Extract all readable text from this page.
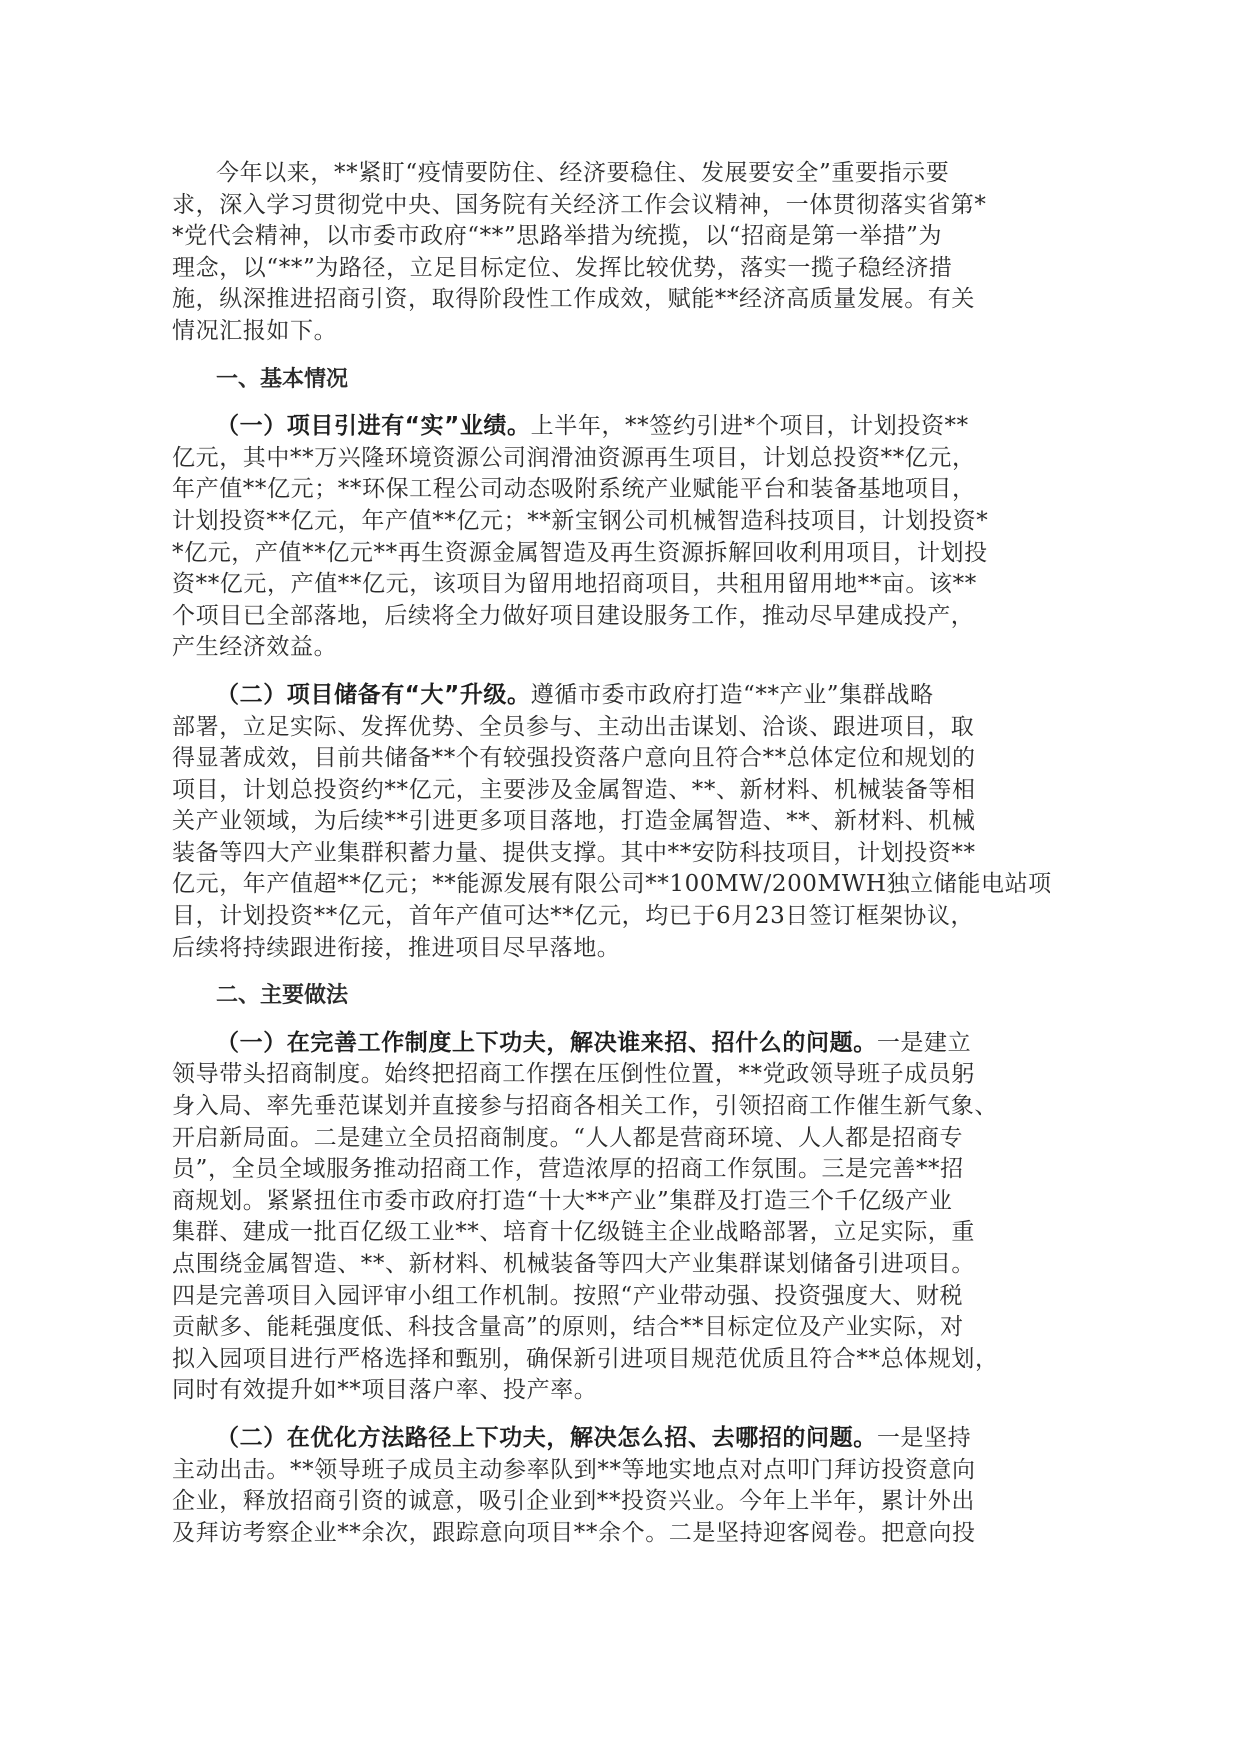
今年以来，**紧盯“疫情要防住、经济要稳住、发展要安全”重要指示要
求，深入学习贯彻党中央、国务院有关经济工作会议精神，一体贯彻落实省第*
*党代会精神，以市委市政府“**”思路举措为统揽，以“招商是第一举措”为
理念，以“**”为路径，立足目标定位、发挥比较优势，落实一揽子稳经济措
施，纵深推进招商引资，取得阶段性工作成效，赋能**经济高质量发展。有关
情况汇报如下。
一、基本情况
（一）项目引进有“实”业绩。上半年，**签约引进*个项目，计划投资**
亿元，其中**万兴隆环境资源公司润滑油资源再生项目，计划总投资**亿元，
年产值**亿元；**环保工程公司动态吸附系统产业赋能平台和装备基地项目，
计划投资**亿元，年产值**亿元；**新宝钢公司机械智造科技项目，计划投资*
*亿元，产值**亿元**再生资源金属智造及再生资源拆解回收利用项目，计划投
资**亿元，产值**亿元，该项目为留用地招商项目，共租用留用地**亩。该**
个项目已全部落地，后续将全力做好项目建设服务工作，推动尽早建成投产，
产生经济效益。
（二）项目储备有“大”升级。遵循市委市政府打造“**产业”集群战略
部署，立足实际、发挥优势、全员参与、主动出击谋划、洽谈、跟进项目，取
得显著成效，目前共储备**个有较强投资落户意向且符合**总体定位和规划的
项目，计划总投资约**亿元，主要涉及金属智造、**、新材料、机械装备等相
关产业领域，为后续**引进更多项目落地，打造金属智造、**、新材料、机械
装备等四大产业集群积蓄力量、提供支撑。其中**安防科技项目，计划投资**
亿元，年产值超**亿元；**能源发展有限公司**100MW/200MWH独立储能电站项
目，计划投资**亿元，首年产值可达**亿元，均已于6月23日签订框架协议，
后续将持续跟进衔接，推进项目尽早落地。
二、主要做法
（一）在完善工作制度上下功夫，解决谁来招、招什么的问题。一是建立
领导带头招商制度。始终把招商工作摆在压倒性位置，**党政领导班子成员躬
身入局、率先垂范谋划并直接参与招商各相关工作，引领招商工作催生新气象、
开启新局面。二是建立全员招商制度。“人人都是营商环境、人人都是招商专
员”，全员全域服务推动招商工作，营造浓厚的招商工作氛围。三是完善**招
商规划。紧紧扭住市委市政府打造“十大**产业”集群及打造三个千亿级产业
集群、建成一批百亿级工业**、培育十亿级链主企业战略部署，立足实际，重
点围绕金属智造、**、新材料、机械装备等四大产业集群谋划储备引进项目。
四是完善项目入园评审小组工作机制。按照“产业带动强、投资强度大、财税
贡献多、能耗强度低、科技含量高”的原则，结合**目标定位及产业实际，对
拟入园项目进行严格选择和甄别，确保新引进项目规范优质且符合**总体规划，
同时有效提升如**项目落户率、投产率。
（二）在优化方法路径上下功夫，解决怎么招、去哪招的问题。一是坚持
主动出击。**领导班子成员主动参率队到**等地实地点对点叩门拜访投资意向
企业，释放招商引资的诚意，吸引企业到**投资兴业。今年上半年，累计外出
及拜访考察企业**余次，跟踪意向项目**余个。二是坚持迎客阅卷。把意向投
